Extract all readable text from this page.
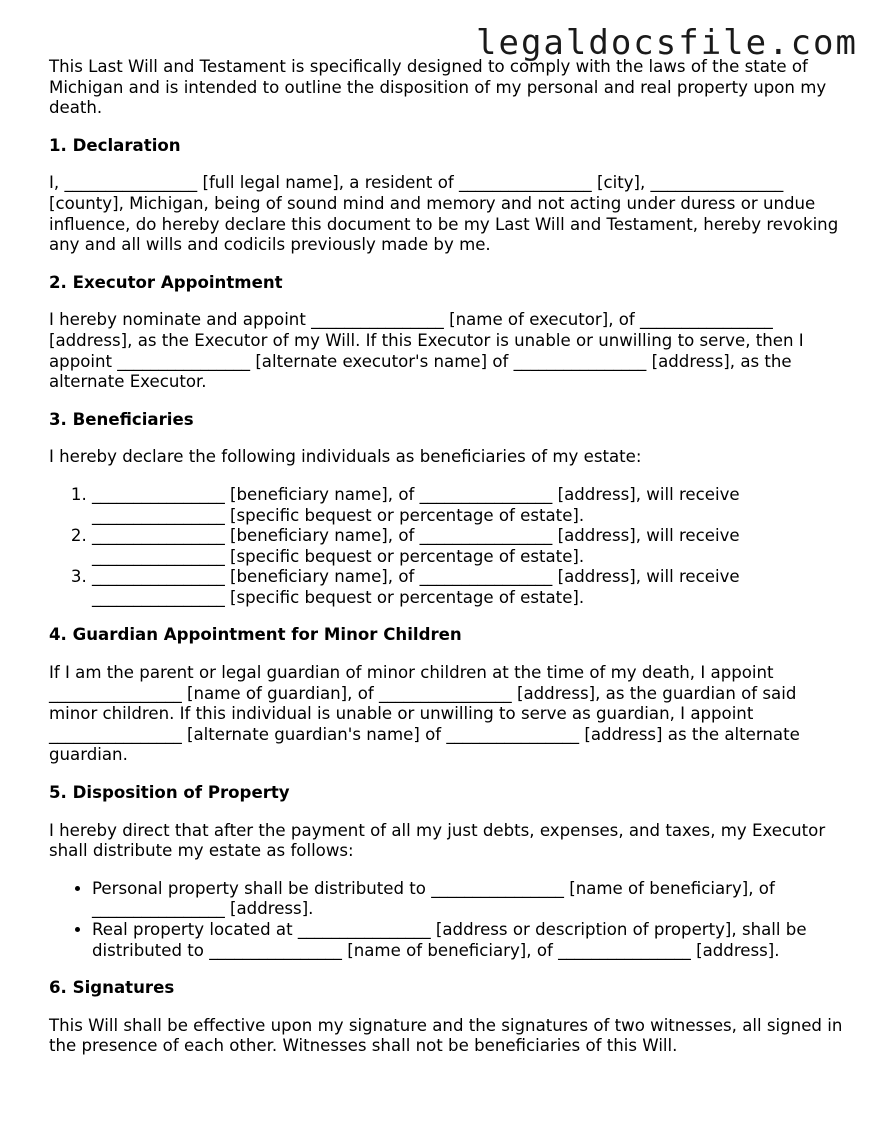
legaldocsfile.com

This Last Will and Testament is specifically designed to comply with the laws of the state of Michigan and is intended to outline the disposition of my personal and real property upon my death.

1. Declaration

I, ________________ [full legal name], a resident of ________________ [city], ________________ [county], Michigan, being of sound mind and memory and not acting under duress or undue influence, do hereby declare this document to be my Last Will and Testament, hereby revoking any and all wills and codicils previously made by me.

2. Executor Appointment

I hereby nominate and appoint ________________ [name of executor], of ________________ [address], as the Executor of my Will. If this Executor is unable or unwilling to serve, then I appoint ________________ [alternate executor's name] of ________________ [address], as the alternate Executor.

3. Beneficiaries

I hereby declare the following individuals as beneficiaries of my estate:

1. ________________ [beneficiary name], of ________________ [address], will receive ________________ [specific bequest or percentage of estate].
2. ________________ [beneficiary name], of ________________ [address], will receive ________________ [specific bequest or percentage of estate].
3. ________________ [beneficiary name], of ________________ [address], will receive ________________ [specific bequest or percentage of estate].
4. Guardian Appointment for Minor Children

If I am the parent or legal guardian of minor children at the time of my death, I appoint ________________ [name of guardian], of ________________ [address], as the guardian of said minor children. If this individual is unable or unwilling to serve as guardian, I appoint ________________ [alternate guardian's name] of ________________ [address] as the alternate guardian.

5. Disposition of Property

I hereby direct that after the payment of all my just debts, expenses, and taxes, my Executor shall distribute my estate as follows:

• Personal property shall be distributed to ________________ [name of beneficiary], of ________________ [address].
• Real property located at ________________ [address or description of property], shall be distributed to ________________ [name of beneficiary], of ________________ [address].
6. Signatures

This Will shall be effective upon my signature and the signatures of two witnesses, all signed in the presence of each other. Witnesses shall not be beneficiaries of this Will.
